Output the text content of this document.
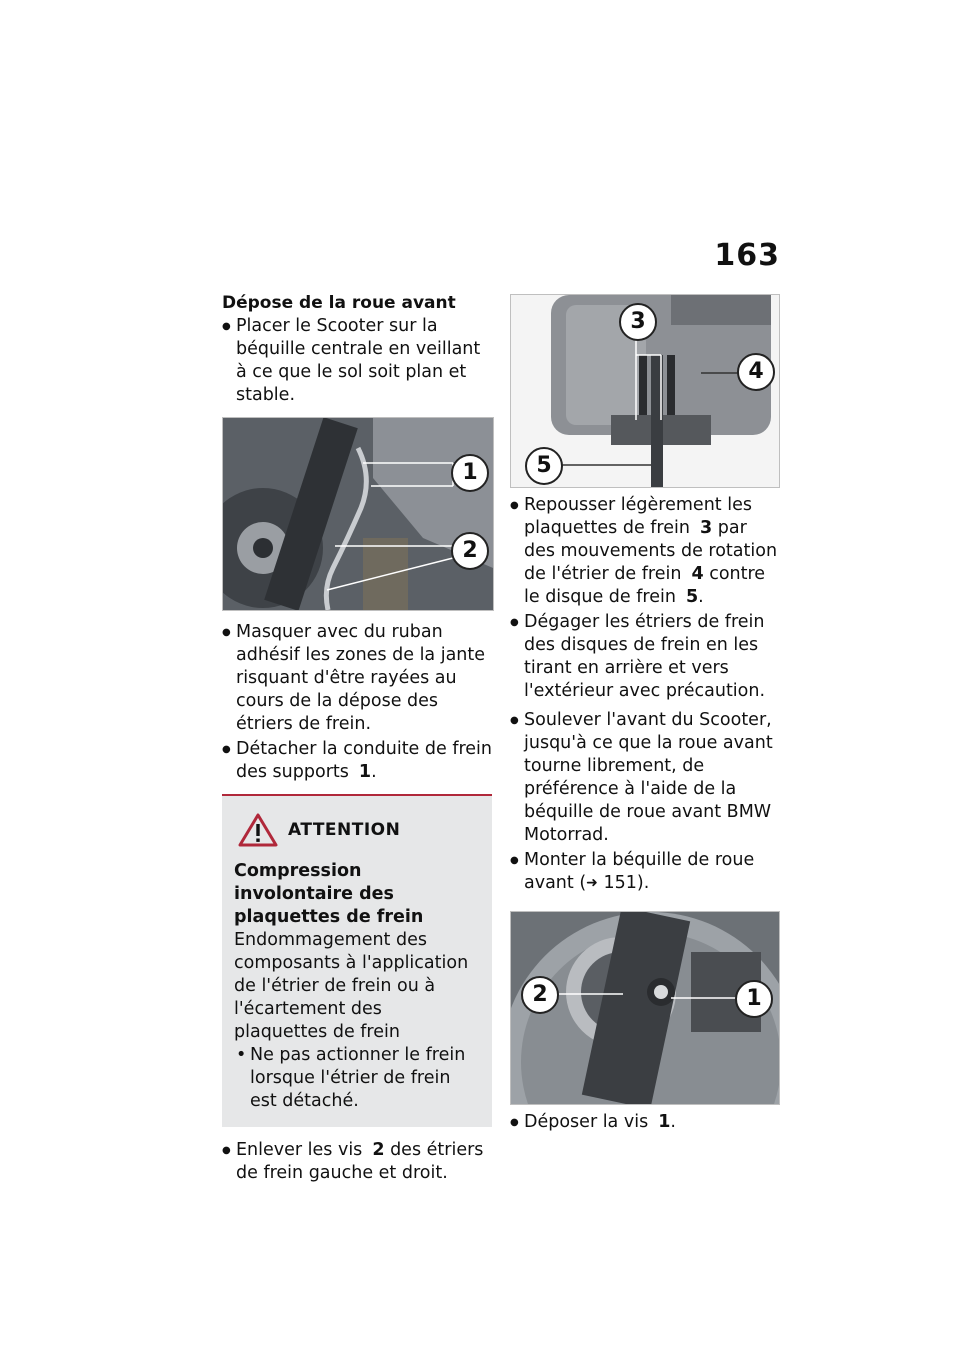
163
Dépose de la roue avant
● Placer le Scooter sur la béquille centrale en veillant à ce que le sol soit plan et stable.
1
2
● Masquer avec du ruban adhésif les zones de la jante risquant d'être rayées au cours de la dépose des étriers de frein.
● Détacher la conduite de frein des supports 1.
ATTENTION
Compression involontaire des plaquettes de frein
Endommagement des composants à l'application de l'étrier de frein ou à l'écartement des plaquettes de frein
• Ne pas actionner le frein lorsque l'étrier de frein est détaché.
● Enlever les vis 2 des étriers de frein gauche et droit.
3
4
5
● Repousser légèrement les plaquettes de frein 3 par des mouvements de rotation de l'étrier de frein 4 contre le disque de frein 5.
● Dégager les étriers de frein des disques de frein en les tirant en arrière et vers l'extérieur avec précaution.
● Soulever l'avant du Scooter, jusqu'à ce que la roue avant tourne librement, de préférence à l'aide de la béquille de roue avant BMW Motorrad.
● Monter la béquille de roue avant (➜ 151).
2	1
● Déposer la vis 1.
